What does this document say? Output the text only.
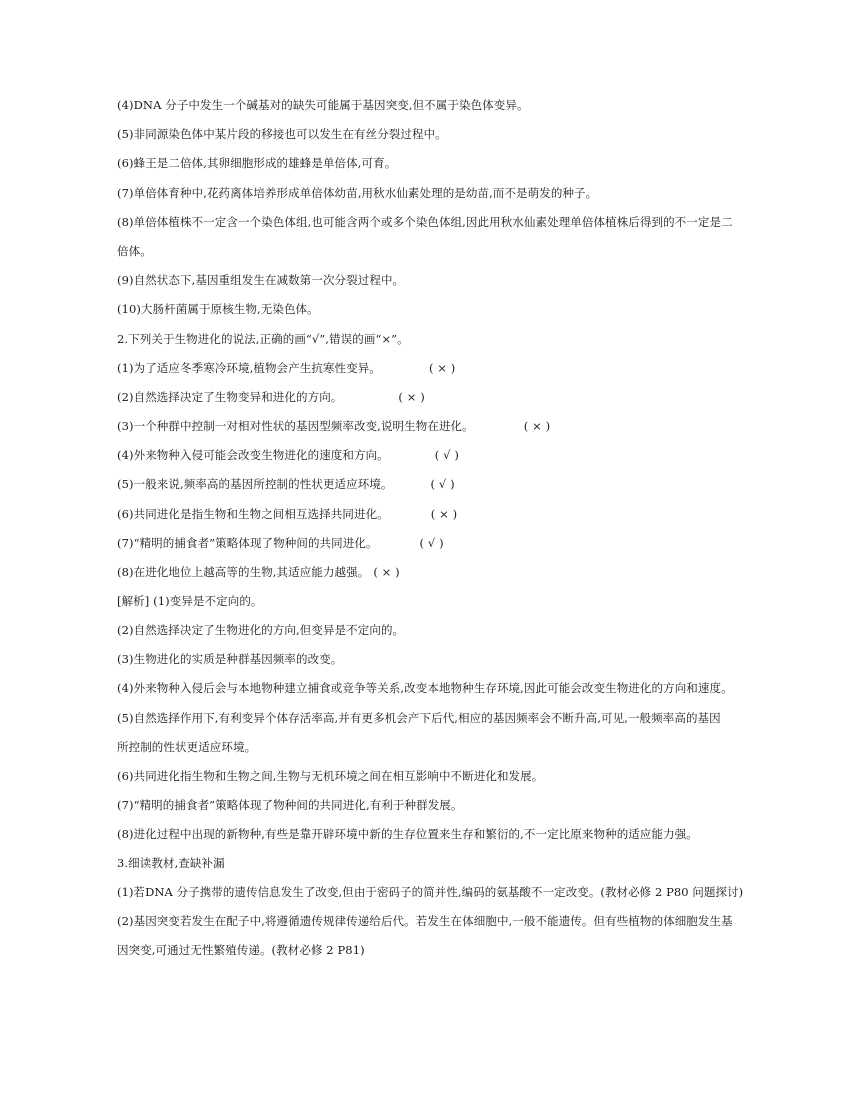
(4)DNA 分子中发生一个碱基对的缺失可能属于基因突变,但不属于染色体变异。
(5)非同源染色体中某片段的移接也可以发生在有丝分裂过程中。
(6)蜂王是二倍体,其卵细胞形成的雄蜂是单倍体,可育。
(7)单倍体育种中,花药离体培养形成单倍体幼苗,用秋水仙素处理的是幼苗,而不是萌发的种子。
(8)单倍体植株不一定含一个染色体组,也可能含两个或多个染色体组,因此用秋水仙素处理单倍体植株后得到的不一定是二
倍体。
(9)自然状态下,基因重组发生在减数第一次分裂过程中。
(10)大肠杆菌属于原核生物,无染色体。
2.下列关于生物进化的说法,正确的画“√”,错误的画“×”。
(1)为了适应冬季寒冷环境,植物会产生抗寒性变异。	( × )
(2)自然选择决定了生物变异和进化的方向。	( × )
(3)一个种群中控制一对相对性状的基因型频率改变,说明生物在进化。	( × )
(4)外来物种入侵可能会改变生物进化的速度和方向。	( √ )
(5)一般来说,频率高的基因所控制的性状更适应环境。	( √ )
(6)共同进化是指生物和生物之间相互选择共同进化。	( × )
(7)“精明的捕食者”策略体现了物种间的共同进化。	( √ )
(8)在进化地位上越高等的生物,其适应能力越强。 ( × )
[解析] (1)变异是不定向的。
(2)自然选择决定了生物进化的方向,但变异是不定向的。
(3)生物进化的实质是种群基因频率的改变。
(4)外来物种入侵后会与本地物种建立捕食或竞争等关系,改变本地物种生存环境,因此可能会改变生物进化的方向和速度。
(5)自然选择作用下,有利变异个体存活率高,并有更多机会产下后代,相应的基因频率会不断升高,可见,一般频率高的基因
所控制的性状更适应环境。
(6)共同进化指生物和生物之间,生物与无机环境之间在相互影响中不断进化和发展。
(7)“精明的捕食者”策略体现了物种间的共同进化,有利于种群发展。
(8)进化过程中出现的新物种,有些是靠开辟环境中新的生存位置来生存和繁衍的,不一定比原来物种的适应能力强。
3.细读教材,查缺补漏
(1)若DNA 分子携带的遗传信息发生了改变,但由于密码子的简并性,编码的氨基酸不一定改变。(教材必修 2 P80 问题探讨)
(2)基因突变若发生在配子中,将遵循遗传规律传递给后代。若发生在体细胞中,一般不能遗传。但有些植物的体细胞发生基
因突变,可通过无性繁殖传递。(教材必修 2 P81)
